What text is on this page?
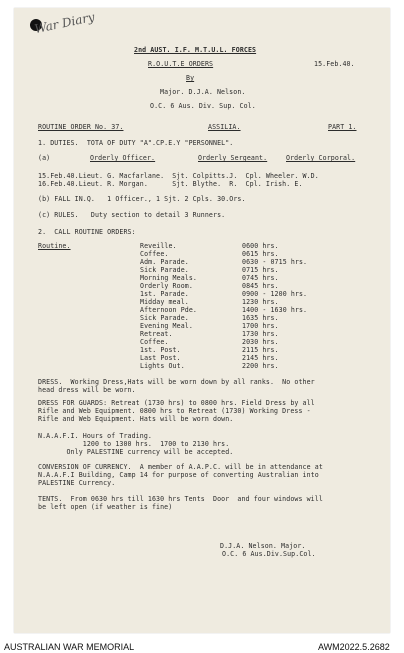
War Diary
2nd AUST. I.F. M.T.U.L. FORCES
R.O.U.T.E ORDERS	15.Feb.40.
By
Major. D.J.A. Nelson.
O.C. 6 Aus. Div. Sup. Col.
ROUTINE ORDER No. 37.	ASSILIA.	PART 1.
1. DUTIES.  TOTA OF DUTY "A".CP.E.Y "PERSONNEL".
(a)	Orderly Officer.	Orderly Sergeant.	Orderly Corporal.
15.Feb.40.Lieut. G. Macfarlane.  Sjt. Colpitts.J.  Cpl. Wheeler. W.D.
16.Feb.40.Lieut. R. Morgan.      Sjt. Blythe.  R.  Cpl. Irish. E.
(b) FALL IN.Q.   1 Officer., 1 Sjt. 2 Cpls. 30.Ors.
(c) RULES.   Duty section to detail 3 Runners.
2.  CALL ROUTINE ORDERS:
Routine.	Reveille.	0600 hrs.
Coffee.	0615 hrs.
Adm. Parade.	0630 - 0715 hrs.
Sick Parade.	0715 hrs.
Morning Meals.	0745 hrs.
Orderly Room.	0845 hrs.
1st. Parade.	0900 - 1200 hrs.
Midday meal.	1230 hrs.
Afternoon Pde.	1400 - 1630 hrs.
Sick Parade.	1635 hrs.
Evening Meal.	1700 hrs.
Retreat.	1730 hrs.
Coffee.	2030 hrs.
1st. Post.	2115 hrs.
Last Post.	2145 hrs.
Lights Out.	2200 hrs.
DRESS.  Working Dress,Hats will be worn down by all ranks.  No other
head dress will be worn.
DRESS FOR GUARDS: Retreat (1730 hrs) to 0800 hrs. Field Dress by all
Rifle and Web Equipment. 0800 hrs to Retreat (1730) Working Dress -
Rifle and Web Equipment. Hats will be worn down.
N.A.A.F.I. Hours of Trading.
1200 to 1300 hrs.  1700 to 2130 hrs.
Only PALESTINE currency will be accepted.
CONVERSION OF CURRENCY.  A member of A.A.P.C. will be in attendance at
N.A.A.F.I Building, Camp 14 for purpose of converting Australian into
PALESTINE Currency.
TENTS.  From 0630 hrs till 1630 hrs Tents  Door  and four windows will
be left open (if weather is fine)
D.J.A. Nelson. Major.
O.C. 6 Aus.Div.Sup.Col.
AUSTRALIAN WAR MEMORIAL	AWM2022.5.2682
